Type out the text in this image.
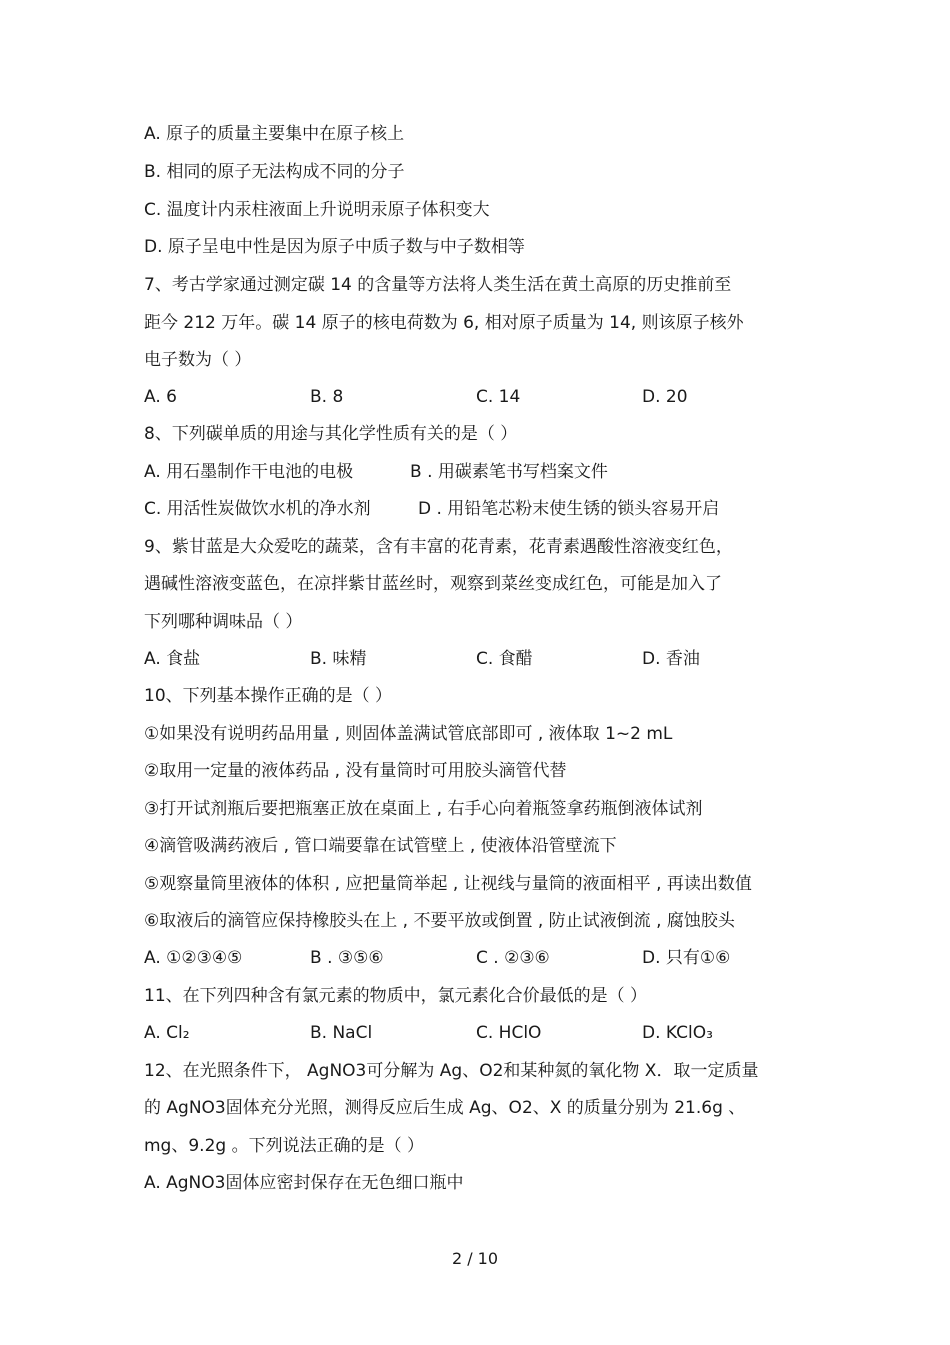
A. 原子的质量主要集中在原子核上
B. 相同的原子无法构成不同的分子
C. 温度计内汞柱液面上升说明汞原子体积变大
D. 原子呈电中性是因为原子中质子数与中子数相等
7、考古学家通过测定碳 14 的含量等方法将人类生活在黄土高原的历史推前至
距今 212 万年。碳 14 原子的核电荷数为 6, 相对原子质量为 14, 则该原子核外
电子数为（ ）
A. 6	B. 8	C. 14	D. 20
8、下列碳单质的用途与其化学性质有关的是（ ）
A. 用石墨制作干电池的电极	B . 用碳素笔书写档案文件
C. 用活性炭做饮水机的净水剂	D . 用铅笔芯粉末使生锈的锁头容易开启
9、紫甘蓝是大众爱吃的蔬菜，含有丰富的花青素，花青素遇酸性溶液变红色，
遇碱性溶液变蓝色，在凉拌紫甘蓝丝时，观察到菜丝变成红色，可能是加入了
下列哪种调味品（ ）
A. 食盐	B. 味精	C. 食醋	D. 香油
10、下列基本操作正确的是（ ）
①如果没有说明药品用量 , 则固体盖满试管底部即可 , 液体取 1~2 mL
②取用一定量的液体药品 , 没有量筒时可用胶头滴管代替
③打开试剂瓶后要把瓶塞正放在桌面上 , 右手心向着瓶签拿药瓶倒液体试剂
④滴管吸满药液后 , 管口端要靠在试管壁上 , 使液体沿管壁流下
⑤观察量筒里液体的体积 , 应把量筒举起 , 让视线与量筒的液面相平 , 再读出数值
⑥取液后的滴管应保持橡胶头在上 , 不要平放或倒置 , 防止试液倒流 , 腐蚀胶头
A. ①②③④⑤	B . ③⑤⑥	C . ②③⑥	D. 只有①⑥
11、在下列四种含有氯元素的物质中，氯元素化合价最低的是（ ）
A. Cl₂	B. NaCl	C. HClO	D. KClO₃
12、在光照条件下， AgNO3可分解为 Ag、O2和某种氮的氧化物 X．取一定质量
的 AgNO3固体充分光照，测得反应后生成 Ag、O2、X 的质量分别为 21.6g 、
mg、9.2g 。下列说法正确的是（ ）
A. AgNO3固体应密封保存在无色细口瓶中
2 / 10
